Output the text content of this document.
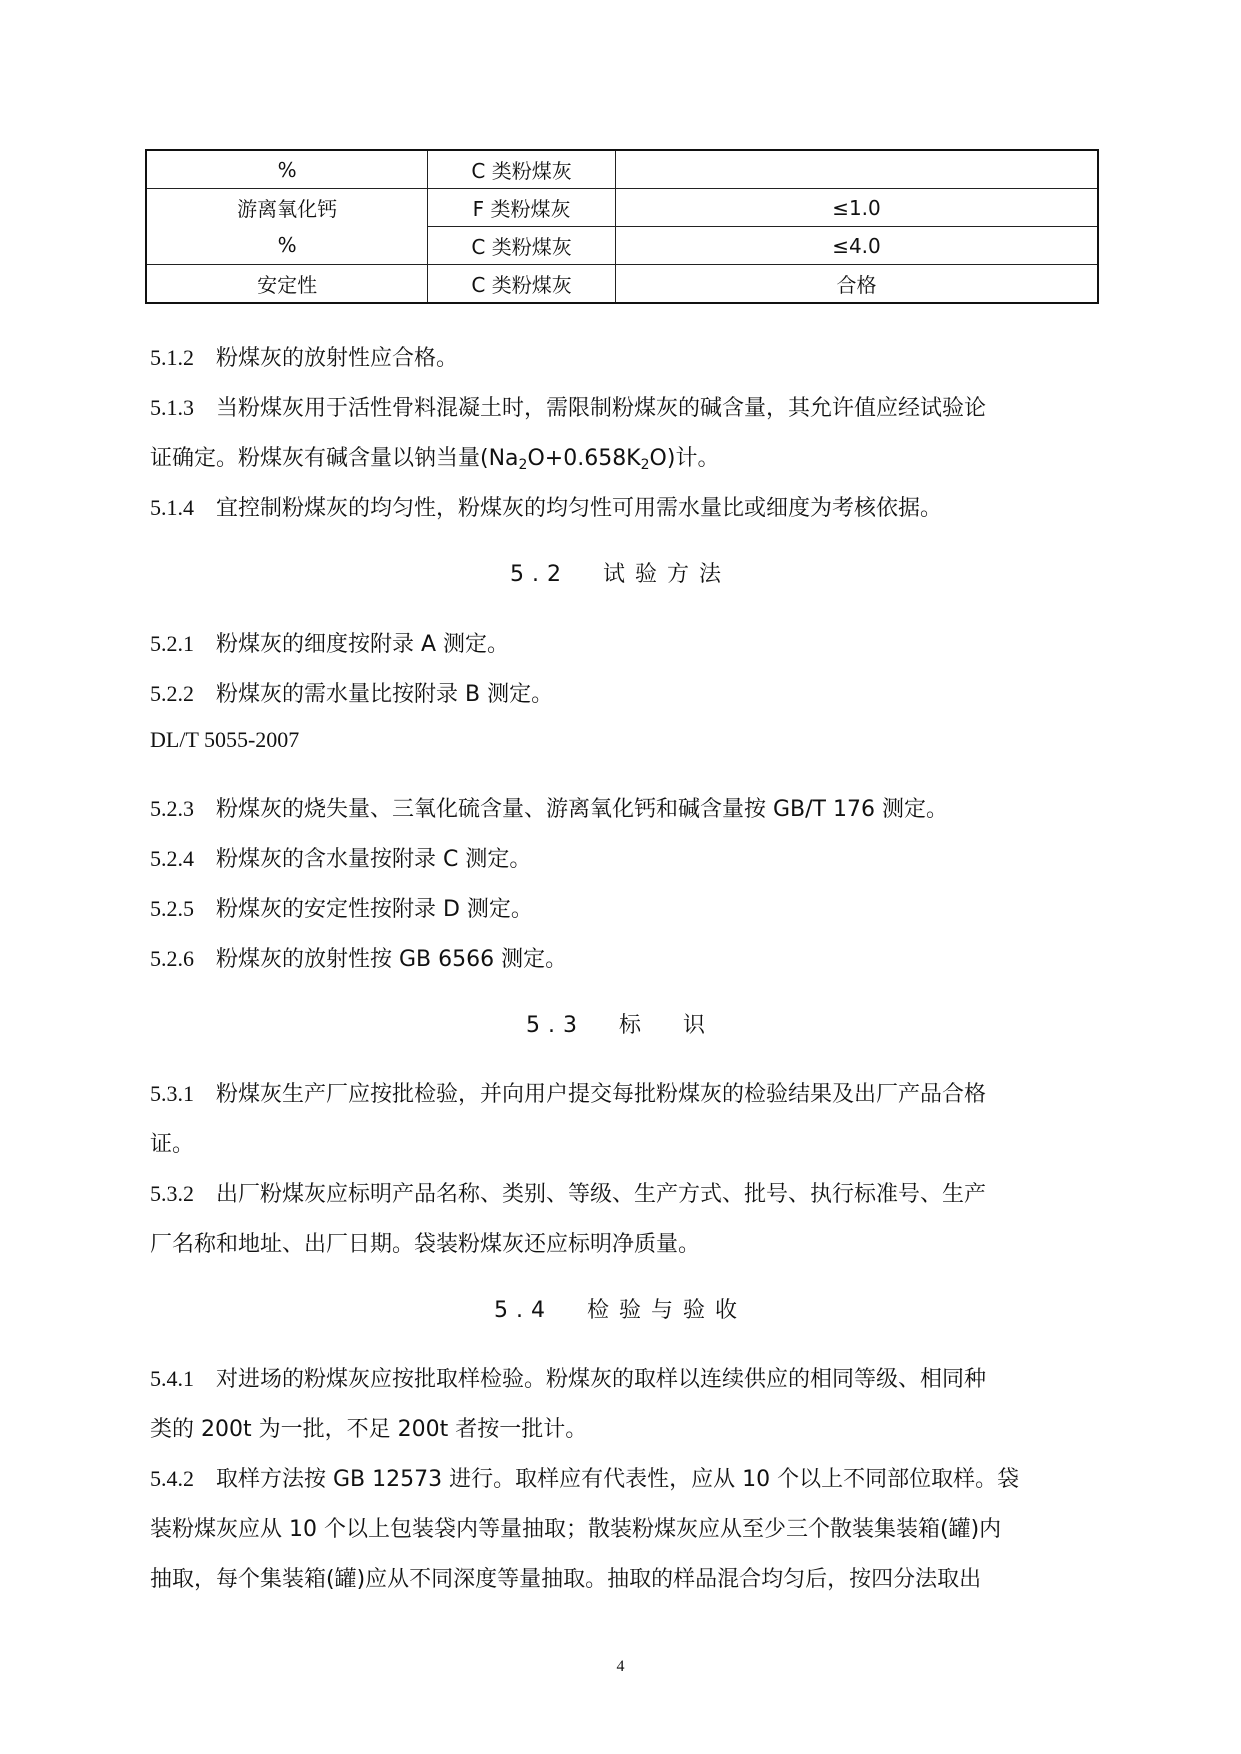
%	C 类粉煤灰	
游离氧化钙	F 类粉煤灰	≤1.0
%	C 类粉煤灰	≤4.0
安定性	C 类粉煤灰	合格
5.1.2 粉煤灰的放射性应合格。
5.1.3 当粉煤灰用于活性骨料混凝土时，需限制粉煤灰的碱含量，其允许值应经试验论
证确定。粉煤灰有碱含量以钠当量$(Na_2O+0.658K_2O)$计。
5.1.4 宜控制粉煤灰的均匀性，粉煤灰的均匀性可用需水量比或细度为考核依据。
5.2 试验方法
5.2.1 粉煤灰的细度按附录 A 测定。
5.2.2 粉煤灰的需水量比按附录 B 测定。
DL/T 5055-2007
5.2.3 粉煤灰的烧失量、三氧化硫含量、游离氧化钙和碱含量按 GB/T 176 测定。
5.2.4 粉煤灰的含水量按附录 C 测定。
5.2.5 粉煤灰的安定性按附录 D 测定。
5.2.6 粉煤灰的放射性按 GB 6566 测定。
5.3 标　识
5.3.1 粉煤灰生产厂应按批检验，并向用户提交每批粉煤灰的检验结果及出厂产品合格
证。
5.3.2 出厂粉煤灰应标明产品名称、类别、等级、生产方式、批号、执行标准号、生产
厂名称和地址、出厂日期。袋装粉煤灰还应标明净质量。
5.4 检验与验收
5.4.1 对进场的粉煤灰应按批取样检验。粉煤灰的取样以连续供应的相同等级、相同种
类的 200t 为一批，不足 200t 者按一批计。
5.4.2 取样方法按 GB 12573 进行。取样应有代表性，应从 10 个以上不同部位取样。袋
装粉煤灰应从 10 个以上包装袋内等量抽取；散装粉煤灰应从至少三个散装集装箱(罐)内
抽取，每个集装箱(罐)应从不同深度等量抽取。抽取的样品混合均匀后，按四分法取出
4
